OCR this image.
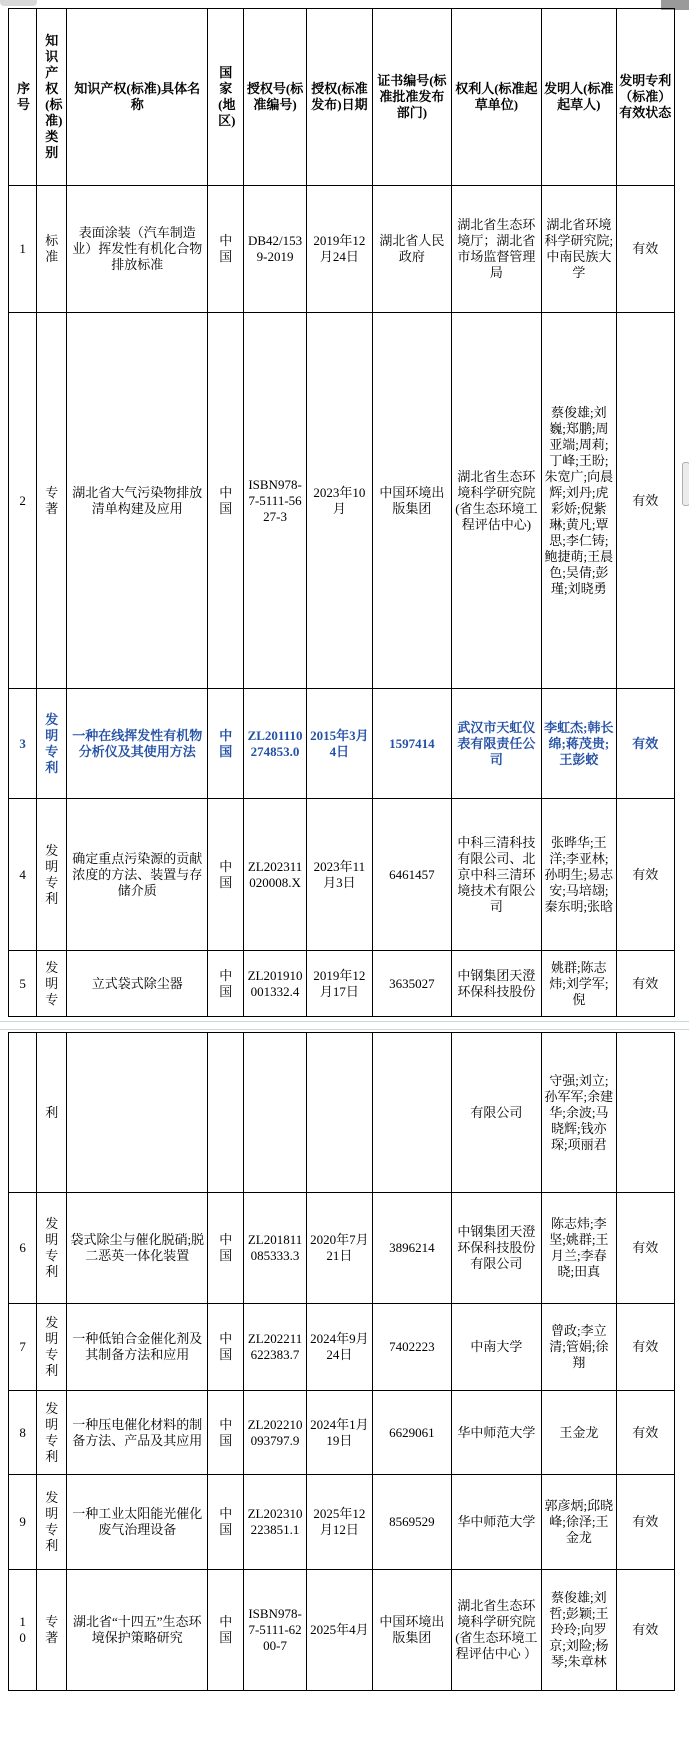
序号	知识产权(标准)类别	知识产权(标准)具体名称	国家(地区)	授权号(标准编号)	授权(标准发布)日期	证书编号(标准批准发布部门)	权利人(标准起草单位)	发明人(标准起草人)	发明专利（标准）有效状态
1	标准	表面涂装（汽车制造业）挥发性有机化合物排放标准	中国	DB42/1539-2019	2019年12月24日	湖北省人民政府	湖北省生态环境厅；湖北省市场监督管理局	湖北省环境科学研究院;中南民族大学	有效
2	专著	湖北省大气污染物排放清单构建及应用	中国	ISBN978-7-5111-5627-3	2023年10月	中国环境出版集团	湖北省生态环境科学研究院(省生态环境工程评估中心)	蔡俊雄;刘巍;郑鹏;周亚端;周莉;丁峰;王盼;朱宽广;向晨辉;刘丹;虎彩娇;倪紫琳;黄凡;覃思;李仁铸;鲍捷萌;王晨色;吴倩;彭瑾;刘晓勇	有效
3	发明专利	一种在线挥发性有机物分析仪及其使用方法	中国	ZL201110274853.0	2015年3月4日	1597414	武汉市天虹仪表有限责任公司	李虹杰;韩长绵;蒋茂贵;王彭蛟	有效
4	发明专利	确定重点污染源的贡献浓度的方法、装置与存储介质	中国	ZL202311020008.X	2023年11月3日	6461457	中科三清科技有限公司、北京中科三清环境技术有限公司	张晔华;王洋;李亚林;孙明生;易志安;马培翃;秦东明;张晗	有效
5	发明专	立式袋式除尘器	中国	ZL201910001332.4	2019年12月17日	3635027	中钢集团天澄环保科技股份	姚群;陈志炜;刘学军;倪	有效
	利						有限公司	守强;刘立;孙军军;余建华;余波;马晓辉;钱亦琛;项丽君	
6	发明专利	袋式除尘与催化脱硝;脱二恶英一体化装置	中国	ZL201811085333.3	2020年7月21日	3896214	中钢集团天澄环保科技股份有限公司	陈志炜;李坚;姚群;王月兰;李春晓;田真	有效
7	发明专利	一种低铂合金催化剂及其制备方法和应用	中国	ZL202211622383.7	2024年9月24日	7402223	中南大学	曾政;李立清;管娟;徐翔	有效
8	发明专利	一种压电催化材料的制备方法、产品及其应用	中国	ZL202210093797.9	2024年1月19日	6629061	华中师范大学	王金龙	有效
9	发明专利	一种工业太阳能光催化废气治理设备	中国	ZL202310223851.1	2025年12月12日	8569529	华中师范大学	郭彦炳;邱晓峰;徐泽;王金龙	有效
10	专著	湖北省“十四五”生态环境保护策略研究	中国	ISBN978-7-5111-6200-7	2025年4月	中国环境出版集团	湖北省生态环境科学研究院(省生态环境工程评估中心 ）	蔡俊雄;刘哲;彭颖;王玲玲;向罗京;刘险;杨琴;朱章林	有效
